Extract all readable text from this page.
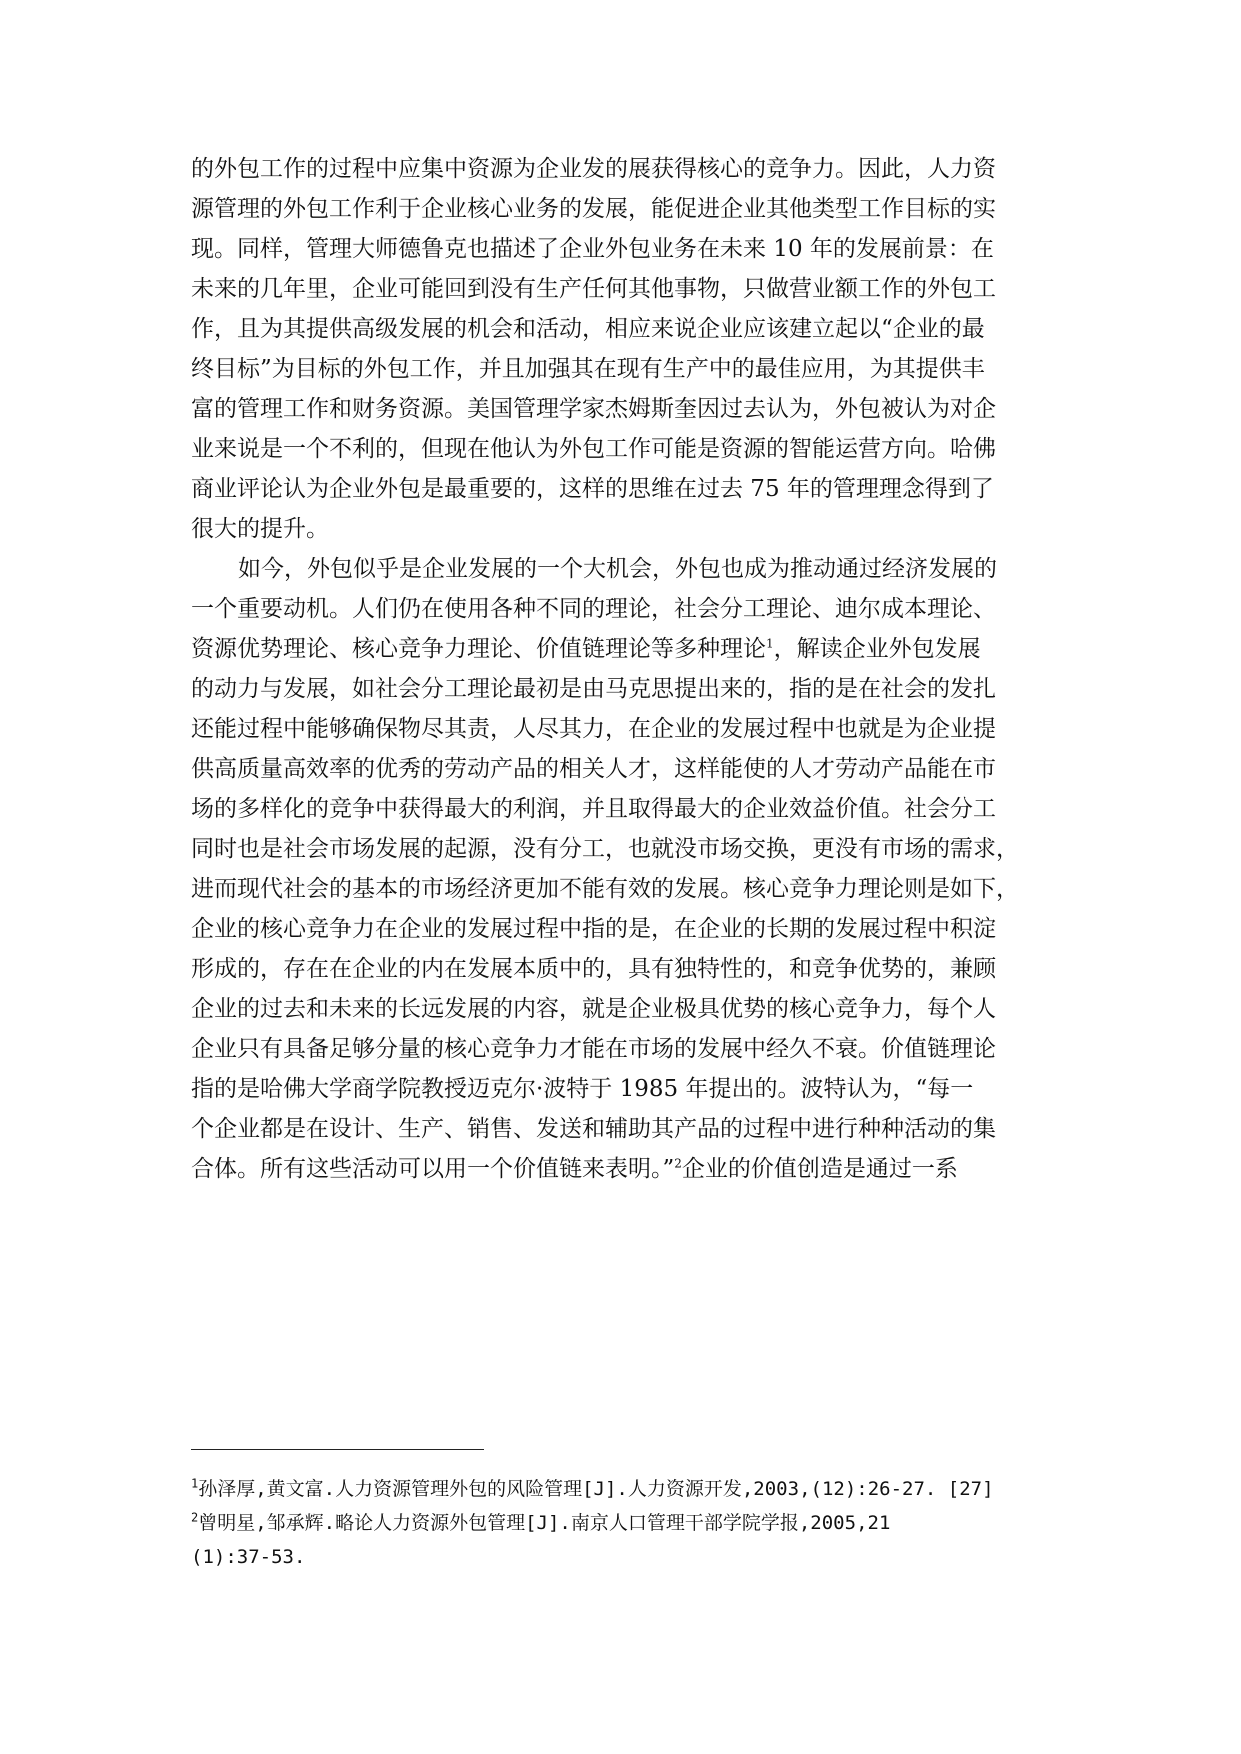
的外包工作的过程中应集中资源为企业发的展获得核心的竞争力。因此，人力资
源管理的外包工作利于企业核心业务的发展，能促进企业其他类型工作目标的实
现。同样，管理大师德鲁克也描述了企业外包业务在未来 10 年的发展前景：在
未来的几年里，企业可能回到没有生产任何其他事物，只做营业额工作的外包工
作，且为其提供高级发展的机会和活动，相应来说企业应该建立起以“企业的最
终目标”为目标的外包工作，并且加强其在现有生产中的最佳应用，为其提供丰
富的管理工作和财务资源。美国管理学家杰姆斯奎因过去认为，外包被认为对企
业来说是一个不利的，但现在他认为外包工作可能是资源的智能运营方向。哈佛
商业评论认为企业外包是最重要的，这样的思维在过去 75 年的管理理念得到了
很大的提升。

如今，外包似乎是企业发展的一个大机会，外包也成为推动通过经济发展的
一个重要动机。人们仍在使用各种不同的理论，社会分工理论、迪尔成本理论、
资源优势理论、核心竞争力理论、价值链理论等多种理论$^1$，解读企业外包发展
的动力与发展，如社会分工理论最初是由马克思提出来的，指的是在社会的发扎
还能过程中能够确保物尽其责，人尽其力，在企业的发展过程中也就是为企业提
供高质量高效率的优秀的劳动产品的相关人才，这样能使的人才劳动产品能在市
场的多样化的竞争中获得最大的利润，并且取得最大的企业效益价值。社会分工
同时也是社会市场发展的起源，没有分工，也就没市场交换，更没有市场的需求，
进而现代社会的基本的市场经济更加不能有效的发展。核心竞争力理论则是如下，
企业的核心竞争力在企业的发展过程中指的是，在企业的长期的发展过程中积淀
形成的，存在在企业的内在发展本质中的，具有独特性的，和竞争优势的，兼顾
企业的过去和未来的长远发展的内容，就是企业极具优势的核心竞争力，每个人
企业只有具备足够分量的核心竞争力才能在市场的发展中经久不衰。价值链理论
指的是哈佛大学商学院教授迈克尔·波特于 1985 年提出的。波特认为，“每一
个企业都是在设计、生产、销售、发送和辅助其产品的过程中进行种种活动的集
合体。所有这些活动可以用一个价值链来表明。”$^2$企业的价值创造是通过一系

$^1$孙泽厚,黄文富.人力资源管理外包的风险管理[J].人力资源开发,2003,(12):26-27. [27]
$^2$曾明星,邹承辉.略论人力资源外包管理[J].南京人口管理干部学院学报,2005,21
(1):37-53.
